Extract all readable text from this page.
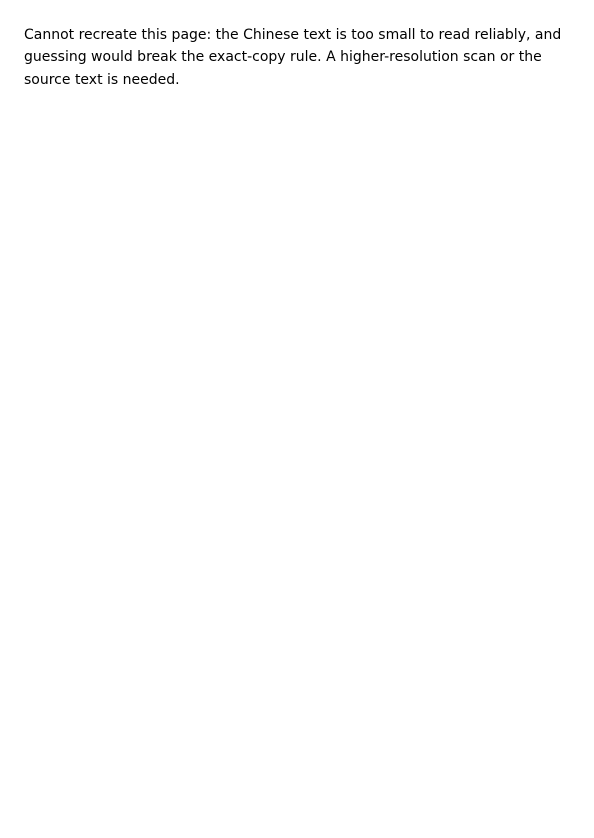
Cannot recreate this page: the Chinese text is too small to read reliably, and guessing would break the exact-copy rule. A higher-resolution scan or the source text is needed.
